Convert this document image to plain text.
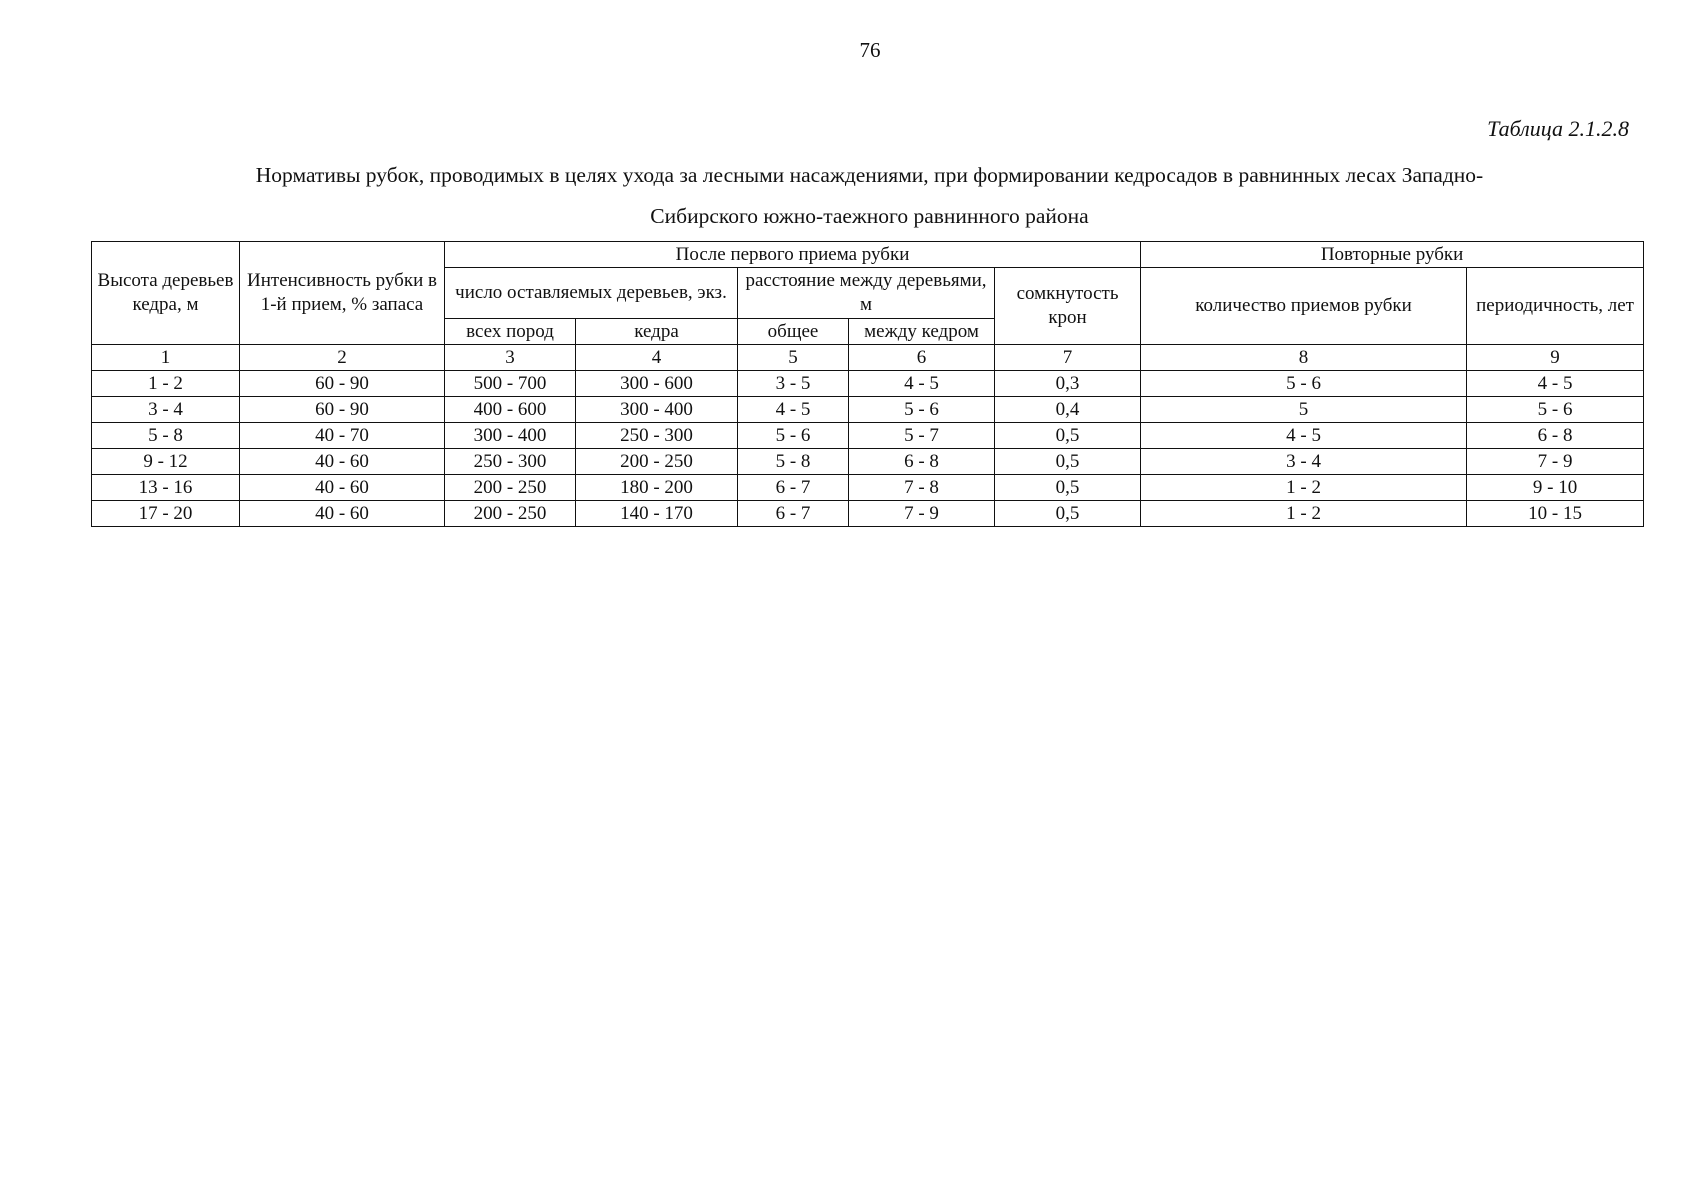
76
Таблица 2.1.2.8
Нормативы рубок, проводимых в целях ухода за лесными насаждениями, при формировании кедросадов в равнинных лесах Западно-
Сибирского южно-таежного равнинного района
Высота деревьев кедра, м	Интенсивность рубки в 1-й прием, % запаса	После первого приема рубки					Повторные рубки	
		число оставляемых деревьев, экз.		расстояние между деревьями, м		сомкнутость крон	количество приемов рубки	периодичность, лет
		всех пород	кедра	общее	между кедром			
1	2	3	4	5	6	7	8	9
1 - 2	60 - 90	500 - 700	300 - 600	3 - 5	4 - 5	0,3	5 - 6	4 - 5
3 - 4	60 - 90	400 - 600	300 - 400	4 - 5	5 - 6	0,4	5	5 - 6
5 - 8	40 - 70	300 - 400	250 - 300	5 - 6	5 - 7	0,5	4 - 5	6 - 8
9 - 12	40 - 60	250 - 300	200 - 250	5 - 8	6 - 8	0,5	3 - 4	7 - 9
13 - 16	40 - 60	200 - 250	180 - 200	6 - 7	7 - 8	0,5	1 - 2	9 - 10
17 - 20	40 - 60	200 - 250	140 - 170	6 - 7	7 - 9	0,5	1 - 2	10 - 15
